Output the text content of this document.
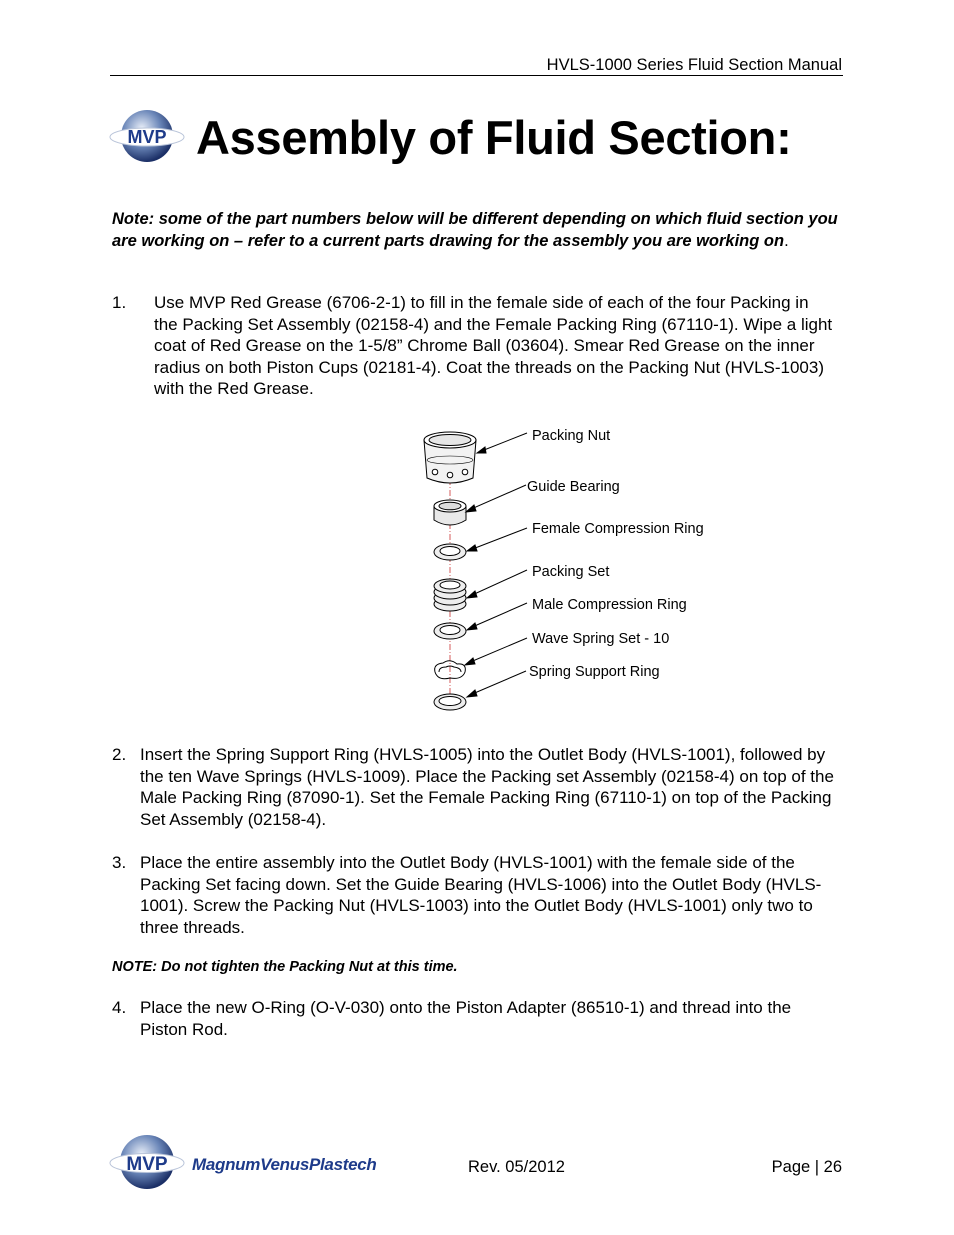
HVLS-1000 Series Fluid Section Manual
MVP Assembly of Fluid Section:
Note: some of the part numbers below will be different depending on which fluid section you are working on – refer to a current parts drawing for the assembly you are working on.
1. Use MVP Red Grease (6706-2-1) to fill in the female side of each of the four Packing in the Packing Set Assembly (02158-4) and the Female Packing Ring (67110-1). Wipe a light coat of Red Grease on the 1-5/8” Chrome Ball (03604). Smear Red Grease on the inner radius on both Piston Cups (02181-4). Coat the threads on the Packing Nut (HVLS-1003) with the Red Grease.
Packing Nut
Guide Bearing
Female Compression Ring
Packing Set
Male Compression Ring
Wave Spring Set - 10
Spring Support Ring
2. Insert the Spring Support Ring (HVLS-1005) into the Outlet Body (HVLS-1001), followed by the ten Wave Springs (HVLS-1009). Place the Packing set Assembly (02158-4) on top of the Male Packing Ring (87090-1). Set the Female Packing Ring (67110-1) on top of the Packing Set Assembly (02158-4).
3. Place the entire assembly into the Outlet Body (HVLS-1001) with the female side of the Packing Set facing down. Set the Guide Bearing (HVLS-1006) into the Outlet Body (HVLS-1001). Screw the Packing Nut (HVLS-1003) into the Outlet Body (HVLS-1001) only two to three threads.
NOTE: Do not tighten the Packing Nut at this time.
4. Place the new O-Ring (O-V-030) onto the Piston Adapter (86510-1) and thread into the Piston Rod.
MVP MagnumVenusPlastech	Rev. 05/2012	Page | 26
